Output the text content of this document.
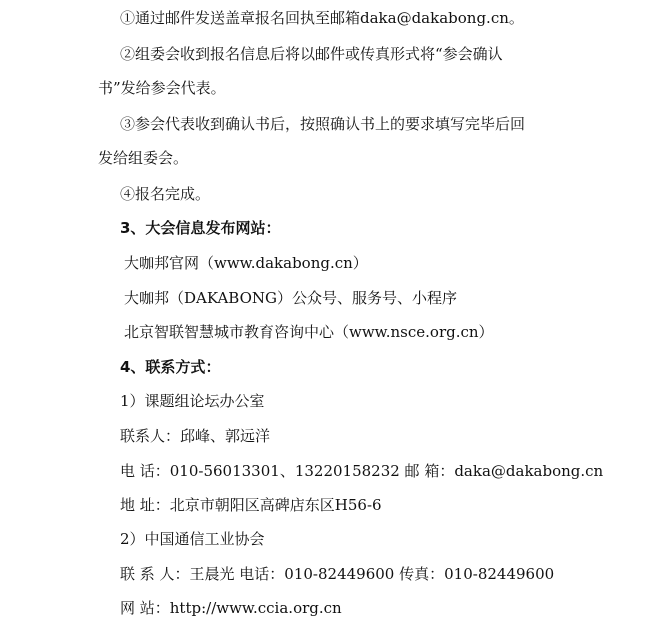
①通过邮件发送盖章报名回执至邮箱daka@dakabong.cn。
②组委会收到报名信息后将以邮件或传真形式将“参会确认
书”发给参会代表。
③参会代表收到确认书后，按照确认书上的要求填写完毕后回
发给组委会。
④报名完成。
3、大会信息发布网站：
大咖邦官网（www.dakabong.cn）
大咖邦（DAKABONG）公众号、服务号、小程序
北京智联智慧城市教育咨询中心（www.nsce.org.cn）
4、联系方式：
1）课题组论坛办公室
联系人：邱峰、郭远洋
电 话：010-56013301、13220158232 邮 箱：daka@dakabong.cn
地 址：北京市朝阳区高碑店东区H56-6
2）中国通信工业协会
联 系 人：王晨光 电话：010-82449600 传真：010-82449600
网 站：http://www.ccia.org.cn
